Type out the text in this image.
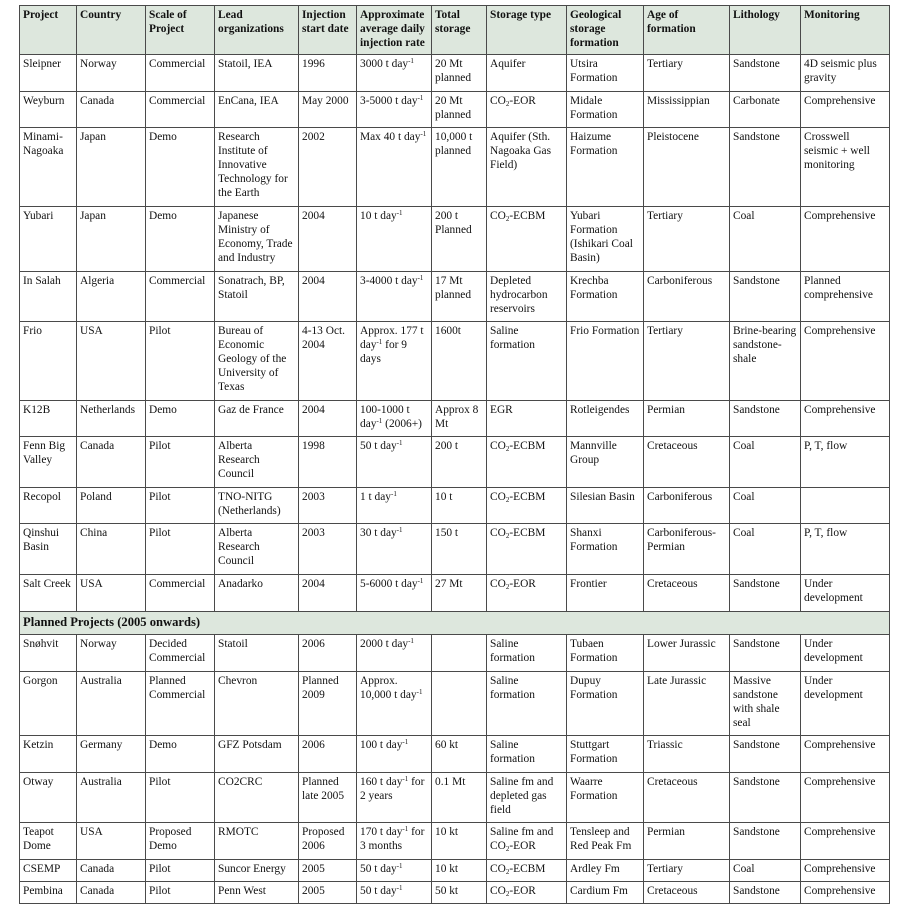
Project	Country	Scale of Project	Lead organizations	Injection start date	Approximate average daily injection rate	Total storage	Storage type	Geological storage formation	Age of formation	Lithology	Monitoring
Sleipner	Norway	Commercial	Statoil, IEA	1996	3000 t day$^{-1}$	20 Mt planned	Aquifer	Utsira Formation	Tertiary	Sandstone	4D seismic plus gravity
Weyburn	Canada	Commercial	EnCana, IEA	May 2000	3-5000 t day$^{-1}$	20 Mt planned	$CO_2$-EOR	Midale Formation	Mississippian	Carbonate	Comprehensive
Minami-Nagoaka	Japan	Demo	Research Institute of Innovative Technology for the Earth	2002	Max 40 t day$^{-1}$	10,000 t planned	Aquifer (Sth. Nagoaka Gas Field)	Haizume Formation	Pleistocene	Sandstone	Crosswell seismic + well monitoring
Yubari	Japan	Demo	Japanese Ministry of Economy, Trade and Industry	2004	10 t day$^{-1}$	200 t Planned	$CO_2$-ECBM	Yubari Formation (Ishikari Coal Basin)	Tertiary	Coal	Comprehensive
In Salah	Algeria	Commercial	Sonatrach, BP, Statoil	2004	3-4000 t day$^{-1}$	17 Mt planned	Depleted hydrocarbon reservoirs	Krechba Formation	Carboniferous	Sandstone	Planned comprehensive
Frio	USA	Pilot	Bureau of Economic Geology of the University of Texas	4-13 Oct. 2004	Approx. 177 t day$^{-1}$ for 9 days	1600t	Saline formation	Frio Formation	Tertiary	Brine-bearing sandstone-shale	Comprehensive
K12B	Netherlands	Demo	Gaz de France	2004	100-1000 t day$^{-1}$ (2006+)	Approx 8 Mt	EGR	Rotleigendes	Permian	Sandstone	Comprehensive
Fenn Big Valley	Canada	Pilot	Alberta Research Council	1998	50 t day$^{-1}$	200 t	$CO_2$-ECBM	Mannville Group	Cretaceous	Coal	P, T, flow
Recopol	Poland	Pilot	TNO-NITG (Netherlands)	2003	1 t day$^{-1}$	10 t	$CO_2$-ECBM	Silesian Basin	Carboniferous	Coal	
Qinshui Basin	China	Pilot	Alberta Research Council	2003	30 t day$^{-1}$	150 t	$CO_2$-ECBM	Shanxi Formation	Carboniferous-Permian	Coal	P, T, flow
Salt Creek	USA	Commercial	Anadarko	2004	5-6000 t day$^{-1}$	27 Mt	$CO_2$-EOR	Frontier	Cretaceous	Sandstone	Under development
Planned Projects (2005 onwards)											
Snøhvit	Norway	Decided Commercial	Statoil	2006	2000 t day$^{-1}$		Saline formation	Tubaen Formation	Lower Jurassic	Sandstone	Under development
Gorgon	Australia	Planned Commercial	Chevron	Planned 2009	Approx. 10,000 t day$^{-1}$		Saline formation	Dupuy Formation	Late Jurassic	Massive sandstone with shale seal	Under development
Ketzin	Germany	Demo	GFZ Potsdam	2006	100 t day$^{-1}$	60 kt	Saline formation	Stuttgart Formation	Triassic	Sandstone	Comprehensive
Otway	Australia	Pilot	CO2CRC	Planned late 2005	160 t day$^{-1}$ for 2 years	0.1 Mt	Saline fm and depleted gas field	Waarre Formation	Cretaceous	Sandstone	Comprehensive
Teapot Dome	USA	Proposed Demo	RMOTC	Proposed 2006	170 t day$^{-1}$ for 3 months	10 kt	Saline fm and $CO_2$-EOR	Tensleep and Red Peak Fm	Permian	Sandstone	Comprehensive
CSEMP	Canada	Pilot	Suncor Energy	2005	50 t day$^{-1}$	10 kt	$CO_2$-ECBM	Ardley Fm	Tertiary	Coal	Comprehensive
Pembina	Canada	Pilot	Penn West	2005	50 t day$^{-1}$	50 kt	$CO_2$-EOR	Cardium Fm	Cretaceous	Sandstone	Comprehensive
